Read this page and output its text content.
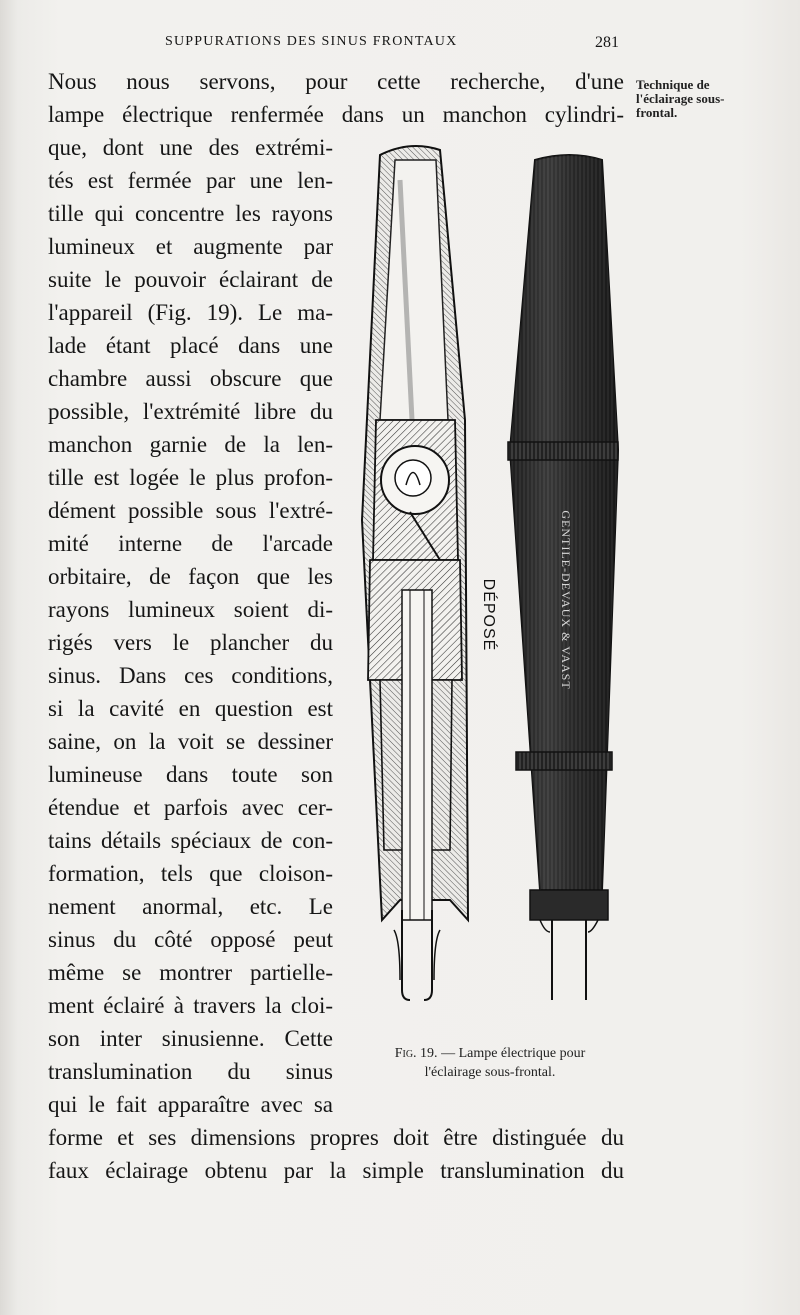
SUPPURATIONS DES SINUS FRONTAUX	281
Technique de
l'éclairage sous-
frontal.
Nous nous servons, pour cette recherche, d'une
lampe électrique renfermée dans un manchon cylindri-
que, dont une des extrémi-
tés est fermée par une len-
tille qui concentre les rayons
lumineux et augmente par
suite le pouvoir éclairant de
l'appareil (Fig. 19). Le ma-
lade étant placé dans une
chambre aussi obscure que
possible, l'extrémité libre du
manchon garnie de la len-
tille est logée le plus profon-
dément possible sous l'extré-
mité interne de l'arcade
orbitaire, de façon que les
rayons lumineux soient di-
rigés vers le plancher du
sinus. Dans ces conditions,
si la cavité en question est
saine, on la voit se dessiner
lumineuse dans toute son
étendue et parfois avec cer-
tains détails spéciaux de con-
formation, tels que cloison-
nement anormal, etc. Le
sinus du côté opposé peut
même se montrer partielle-
ment éclairé à travers la cloi-
son inter sinusienne. Cette
translumination du sinus
qui le fait apparaître avec sa
forme et ses dimensions propres doit être distinguée du
faux éclairage obtenu par la simple translumination du
GENTILE-DEVAUX & VAAST
DÉPOSÉ
Fig. 19. — Lampe électrique pour
l'éclairage sous-frontal.
